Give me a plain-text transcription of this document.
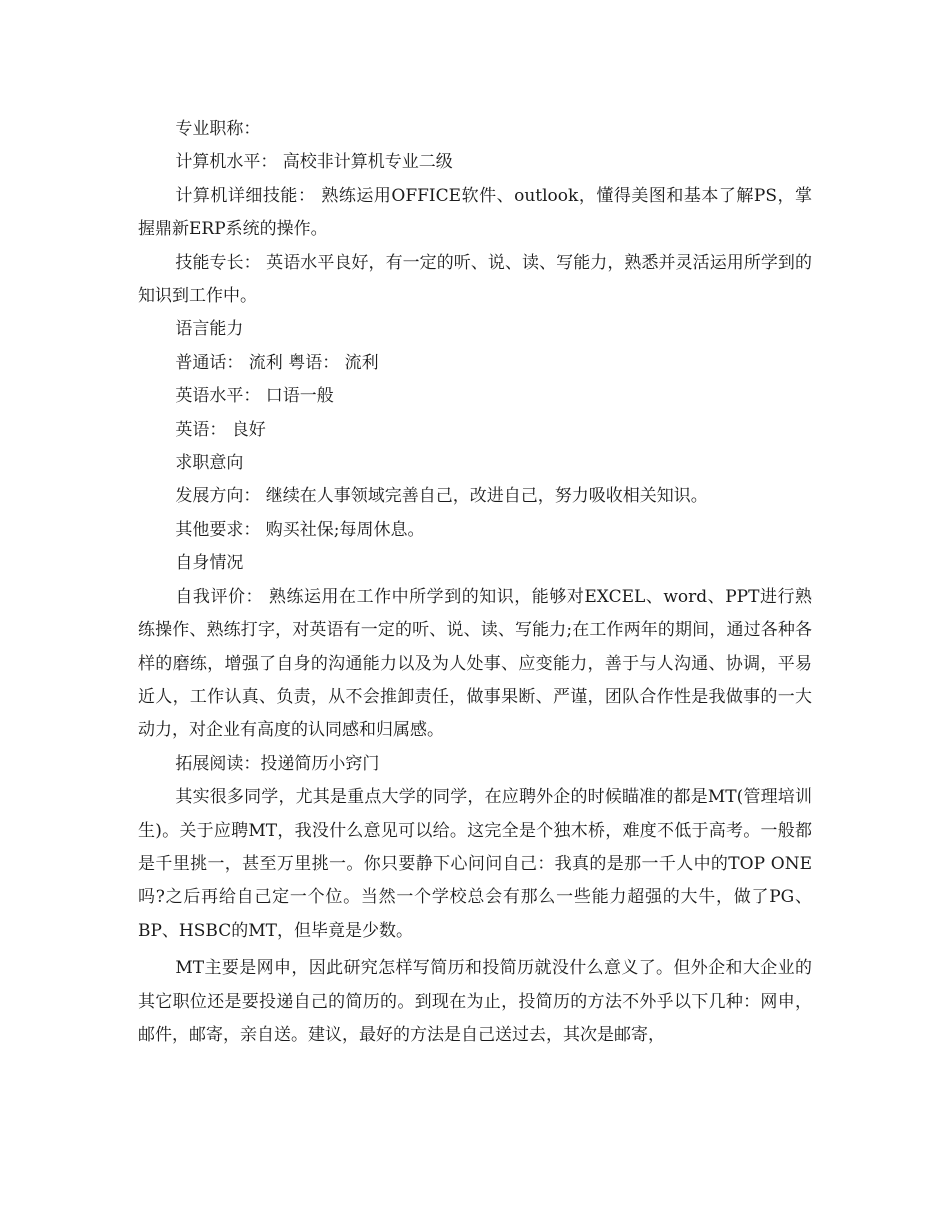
专业职称：

计算机水平： 高校非计算机专业二级

计算机详细技能： 熟练运用OFFICE软件、outlook，懂得美图和基本了解PS，掌握鼎新ERP系统的操作。

技能专长： 英语水平良好，有一定的听、说、读、写能力，熟悉并灵活运用所学到的知识到工作中。

语言能力

普通话： 流利 粤语： 流利

英语水平： 口语一般

英语： 良好

求职意向

发展方向： 继续在人事领域完善自己，改进自己，努力吸收相关知识。

其他要求： 购买社保;每周休息。

自身情况

自我评价： 熟练运用在工作中所学到的知识，能够对EXCEL、word、PPT进行熟练操作、熟练打字，对英语有一定的听、说、读、写能力;在工作两年的期间，通过各种各样的磨练，增强了自身的沟通能力以及为人处事、应变能力，善于与人沟通、协调，平易近人，工作认真、负责，从不会推卸责任，做事果断、严谨，团队合作性是我做事的一大动力，对企业有高度的认同感和归属感。

拓展阅读：投递简历小窍门

其实很多同学，尤其是重点大学的同学，在应聘外企的时候瞄准的都是MT(管理培训生)。关于应聘MT，我没什么意见可以给。这完全是个独木桥，难度不低于高考。一般都是千里挑一，甚至万里挑一。你只要静下心问问自己：我真的是那一千人中的TOP ONE吗?之后再给自己定一个位。当然一个学校总会有那么一些能力超强的大牛，做了PG、BP、HSBC的MT，但毕竟是少数。

MT主要是网申，因此研究怎样写简历和投简历就没什么意义了。但外企和大企业的其它职位还是要投递自己的简历的。到现在为止，投简历的方法不外乎以下几种：网申，邮件，邮寄，亲自送。建议，最好的方法是自己送过去，其次是邮寄，
